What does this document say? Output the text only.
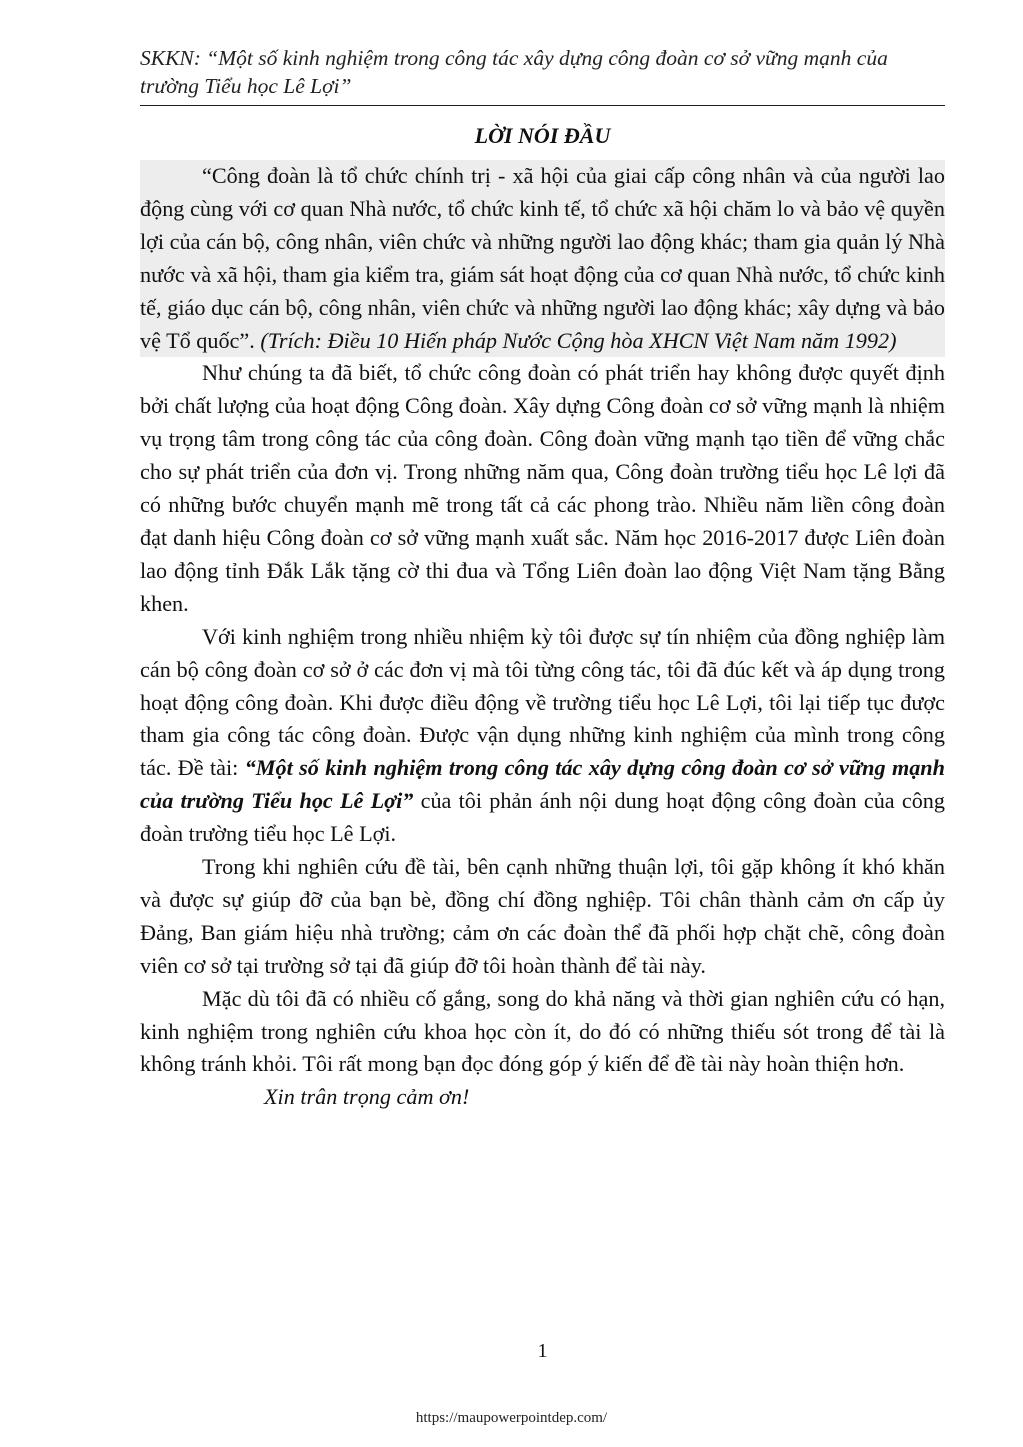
SKKN: “Một số kinh nghiệm trong công tác xây dựng công đoàn cơ sở vững mạnh của trường Tiểu học Lê Lợi”
LỜI NÓI ĐẦU

“Công đoàn là tổ chức chính trị - xã hội của giai cấp công nhân và của người lao động cùng với cơ quan Nhà nước, tổ chức kinh tế, tổ chức xã hội chăm lo và bảo vệ quyền lợi của cán bộ, công nhân, viên chức và những người lao động khác; tham gia quản lý Nhà nước và xã hội, tham gia kiểm tra, giám sát hoạt động của cơ quan Nhà nước, tổ chức kinh tế, giáo dục cán bộ, công nhân, viên chức và những người lao động khác; xây dựng và bảo vệ Tổ quốc”. (Trích: Điều 10 Hiến pháp Nước Cộng hòa XHCN Việt Nam năm 1992)

Như chúng ta đã biết, tổ chức công đoàn có phát triển hay không được quyết định bởi chất lượng của hoạt động Công đoàn. Xây dựng Công đoàn cơ sở vững mạnh là nhiệm vụ trọng tâm trong công tác của công đoàn. Công đoàn vững mạnh tạo tiền để vững chắc cho sự phát triển của đơn vị. Trong những năm qua, Công đoàn trường tiểu học Lê lợi đã có những bước chuyển mạnh mẽ trong tất cả các phong trào. Nhiều năm liền công đoàn đạt danh hiệu Công đoàn cơ sở vững mạnh xuất sắc. Năm học 2016-2017 được Liên đoàn lao động tỉnh Đắk Lắk tặng cờ thi đua và Tổng Liên đoàn lao động Việt Nam tặng Bằng khen.

Với kinh nghiệm trong nhiều nhiệm kỳ tôi được sự tín nhiệm của đồng nghiệp làm cán bộ công đoàn cơ sở ở các đơn vị mà tôi từng công tác, tôi đã đúc kết và áp dụng trong hoạt động công đoàn. Khi được điều động về trường tiểu học Lê Lợi, tôi lại tiếp tục được tham gia công tác công đoàn. Được vận dụng những kinh nghiệm của mình trong công tác. Đề tài: “Một số kinh nghiệm trong công tác xây dựng công đoàn cơ sở vững mạnh của trường Tiểu học Lê Lợi” của tôi phản ánh nội dung hoạt động công đoàn của công đoàn trường tiểu học Lê Lợi.

Trong khi nghiên cứu đề tài, bên cạnh những thuận lợi, tôi gặp không ít khó khăn và được sự giúp đỡ của bạn bè, đồng chí đồng nghiệp. Tôi chân thành cảm ơn cấp ủy Đảng, Ban giám hiệu nhà trường; cảm ơn các đoàn thể đã phối hợp chặt chẽ, công đoàn viên cơ sở tại trường sở tại đã giúp đỡ tôi hoàn thành để tài này.

Mặc dù tôi đã có nhiều cố gắng, song do khả năng và thời gian nghiên cứu có hạn, kinh nghiệm trong nghiên cứu khoa học còn ít, do đó có những thiếu sót trong để tài là không tránh khỏi. Tôi rất mong bạn đọc đóng góp ý kiến để đề tài này hoàn thiện hơn.

Xin trân trọng cảm ơn!

1
https://maupowerpointdep.com/
